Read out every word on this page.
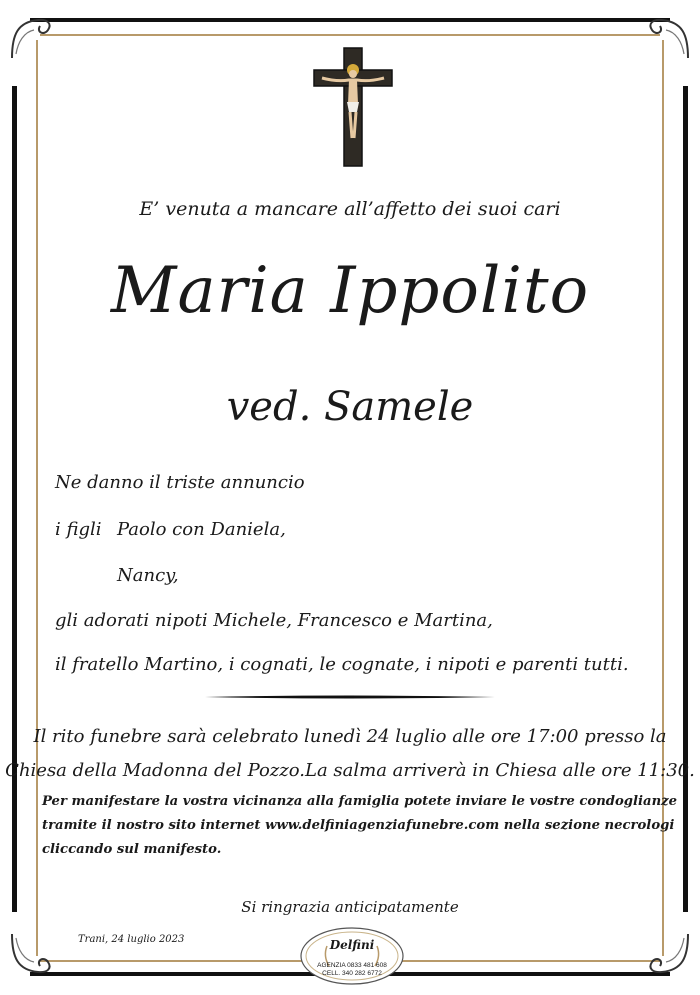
E’ venuta a mancare all’affetto dei suoi cari
Maria Ippolito
ved. Samele
Ne danno il triste annuncio
i figli Paolo con Daniela,
Nancy,
gli adorati nipoti Michele, Francesco e Martina,
il fratello Martino, i cognati, le cognate, i nipoti e parenti tutti.
Il rito funebre sarà celebrato lunedì 24 luglio alle ore 17:00 presso la
Chiesa della Madonna del Pozzo.La salma arriverà in Chiesa alle ore 11:30.
Per manifestare la vostra vicinanza alla famiglia potete inviare le vostre condoglianze
tramite il nostro sito internet www.delfiniagenziafunebre.com nella sezione necrologi
cliccando sul manifesto.
Si ringrazia anticipatamente
Trani, 24 luglio 2023	Delfini
AGENZIA 0833 481 608
CELL. 340 282 6772
